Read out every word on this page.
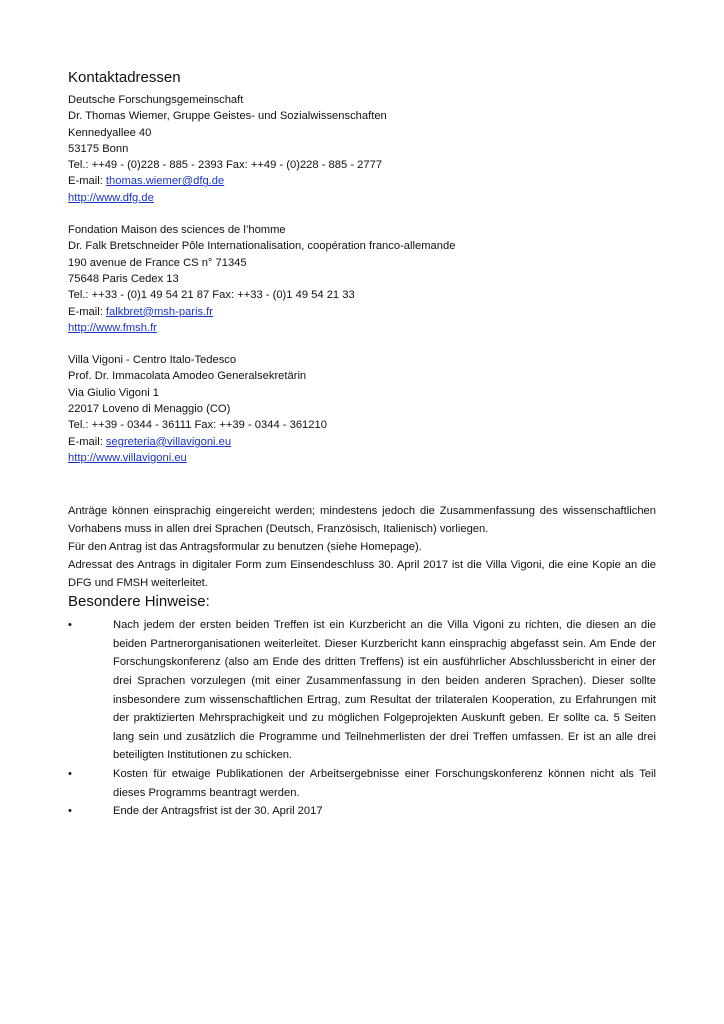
Kontaktadressen
Deutsche Forschungsgemeinschaft
Dr. Thomas Wiemer, Gruppe Geistes- und Sozialwissenschaften
Kennedyallee 40
53175 Bonn
Tel.: ++49 - (0)228 - 885 - 2393 Fax: ++49 - (0)228 - 885 - 2777
E-mail: thomas.wiemer@dfg.de
http://www.dfg.de
Fondation Maison des sciences de l’homme
Dr. Falk Bretschneider Pôle Internationalisation, coopération franco-allemande
190 avenue de France CS n° 71345
75648 Paris Cedex 13
Tel.: ++33 - (0)1 49 54 21 87 Fax: ++33 - (0)1 49 54 21 33
E-mail: falkbret@msh-paris.fr
http://www.fmsh.fr
Villa Vigoni - Centro Italo-Tedesco
Prof. Dr. Immacolata Amodeo Generalsekretärin
Via Giulio Vigoni 1
22017 Loveno di Menaggio (CO)
Tel.: ++39 - 0344 - 36111 Fax: ++39 - 0344 - 361210
E-mail: segreteria@villavigoni.eu
http://www.villavigoni.eu

Anträge können einsprachig eingereicht werden; mindestens jedoch die Zusammenfassung des wissenschaftlichen Vorhabens muss in allen drei Sprachen (Deutsch, Französisch, Italienisch) vorliegen.

Für den Antrag ist das Antragsformular zu benutzen (siehe Homepage).

Adressat des Antrags in digitaler Form zum Einsendeschluss 30. April 2017 ist die Villa Vigoni, die eine Kopie an die DFG und FMSH weiterleitet.

Besondere Hinweise:
•	Nach jedem der ersten beiden Treffen ist ein Kurzbericht an die Villa Vigoni zu richten, die diesen an die beiden Partnerorganisationen weiterleitet. Dieser Kurzbericht kann einsprachig abgefasst sein. Am Ende der Forschungskonferenz (also am Ende des dritten Treffens) ist ein ausführlicher Abschlussbericht in einer der drei Sprachen vorzulegen (mit einer Zusammenfassung in den beiden anderen Sprachen). Dieser sollte insbesondere zum wissenschaftlichen Ertrag, zum Resultat der trilateralen Kooperation, zu Erfahrungen mit der praktizierten Mehrsprachigkeit und zu möglichen Folgeprojekten Auskunft geben. Er sollte ca. 5 Seiten lang sein und zusätzlich die Programme und Teilnehmerlisten der drei Treffen umfassen. Er ist an alle drei beteiligten Institutionen zu schicken.
•	Kosten für etwaige Publikationen der Arbeitsergebnisse einer Forschungskonferenz können nicht als Teil dieses Programms beantragt werden.
•	Ende der Antragsfrist ist der 30. April 2017
